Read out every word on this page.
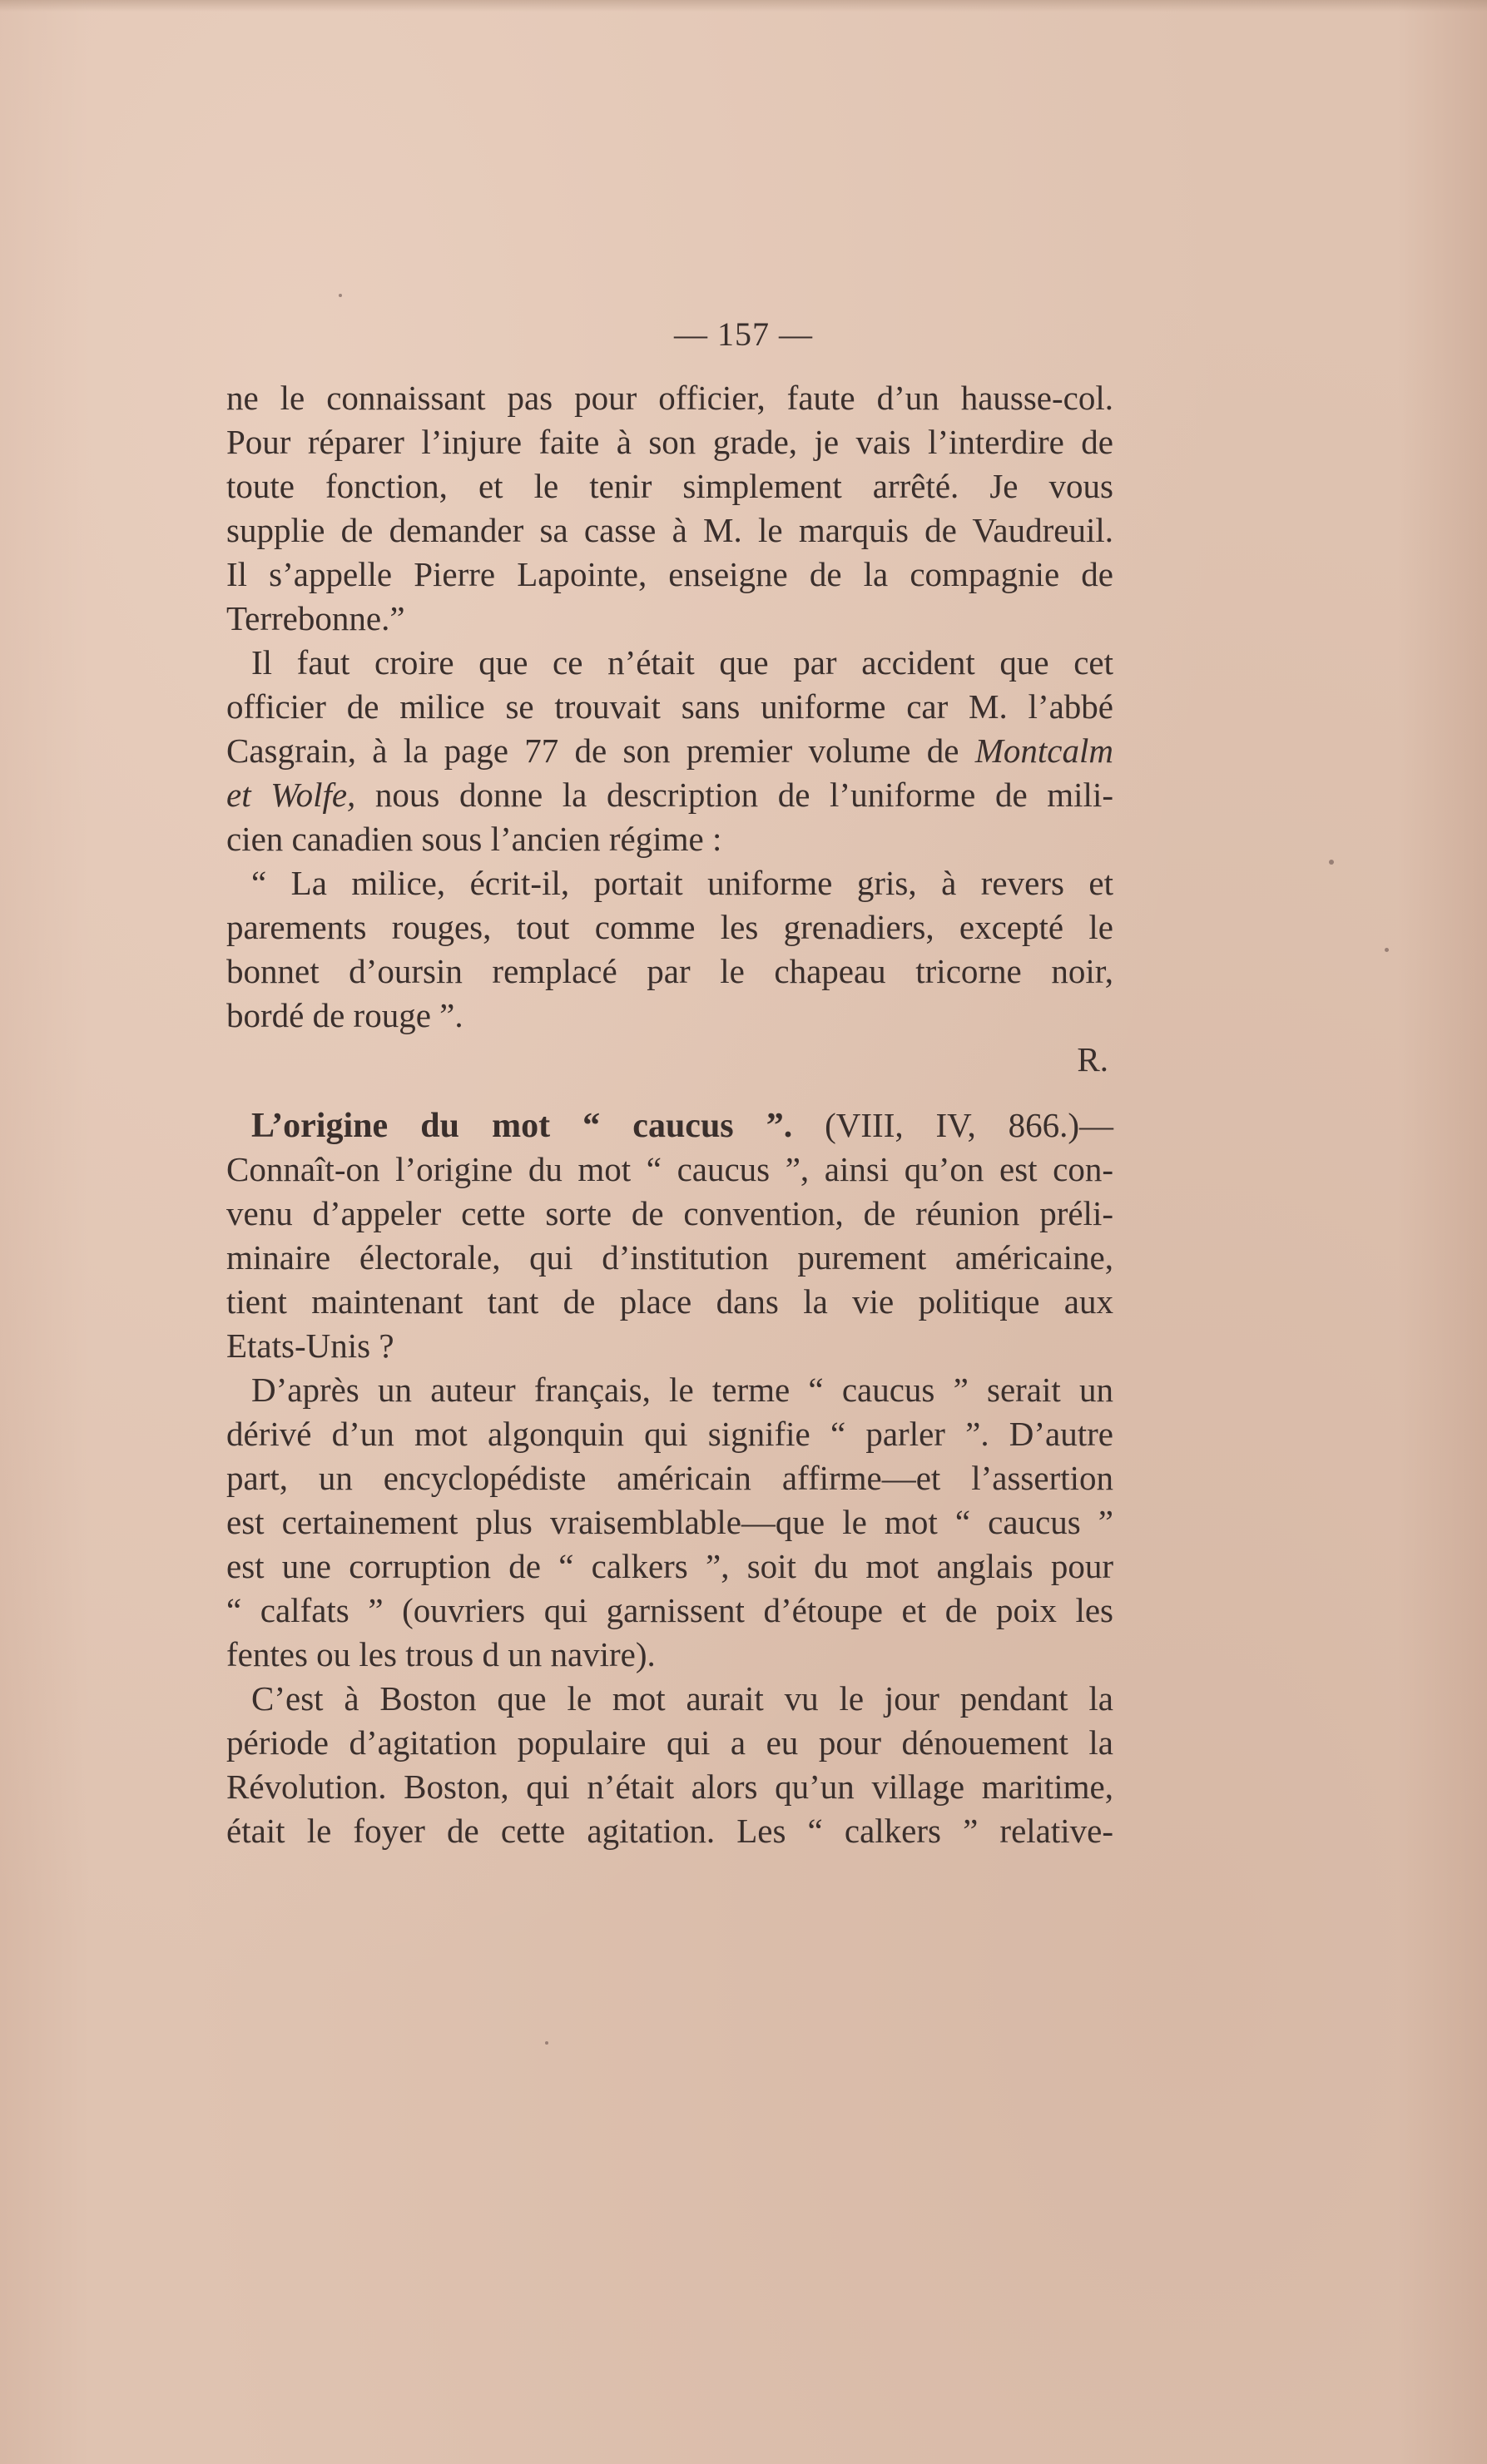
— 157 —
ne le connaissant pas pour officier, faute d’un hausse-col.
Pour réparer l’injure faite à son grade, je vais l’interdire de
toute fonction, et le tenir simplement arrêté. Je vous
supplie de demander sa casse à M. le marquis de Vaudreuil.
Il s’appelle Pierre Lapointe, enseigne de la compagnie de
Terrebonne.”
Il faut croire que ce n’était que par accident que cet
officier de milice se trouvait sans uniforme car M. l’abbé
Casgrain, à la page 77 de son premier volume de Montcalm
et Wolfe, nous donne la description de l’uniforme de mili-
cien canadien sous l’ancien régime :
“ La milice, écrit-il, portait uniforme gris, à revers et
parements rouges, tout comme les grenadiers, excepté le
bonnet d’oursin remplacé par le chapeau tricorne noir,
bordé de rouge ”.
R.
L’origine du mot “ caucus ”. (VIII, IV, 866.)—
Connaît-on l’origine du mot “ caucus ”, ainsi qu’on est con-
venu d’appeler cette sorte de convention, de réunion préli-
minaire électorale, qui d’institution purement américaine,
tient maintenant tant de place dans la vie politique aux
Etats-Unis ?
D’après un auteur français, le terme “ caucus ” serait un
dérivé d’un mot algonquin qui signifie “ parler ”. D’autre
part, un encyclopédiste américain affirme—et l’assertion
est certainement plus vraisemblable—que le mot “ caucus ”
est une corruption de “ calkers ”, soit du mot anglais pour
“ calfats ” (ouvriers qui garnissent d’étoupe et de poix les
fentes ou les trous d un navire).
C’est à Boston que le mot aurait vu le jour pendant la
période d’agitation populaire qui a eu pour dénouement la
Révolution. Boston, qui n’était alors qu’un village maritime,
était le foyer de cette agitation. Les “ calkers ” relative-
